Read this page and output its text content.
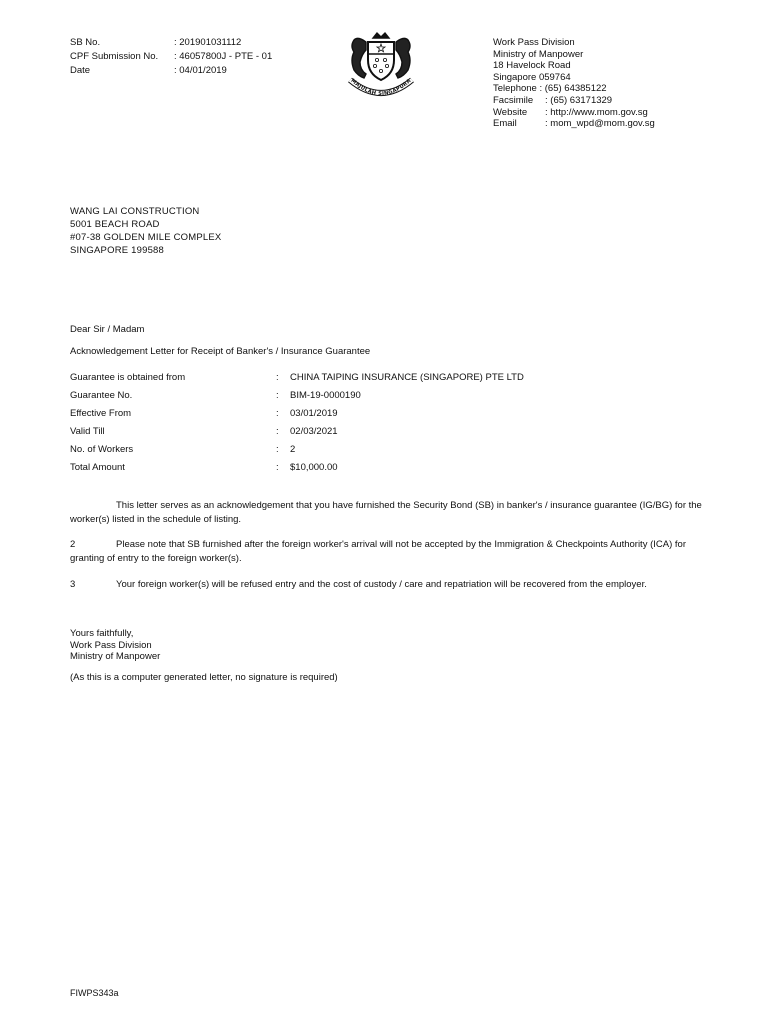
SB No.	: 201901031112
CPF Submission No.	: 46057800J - PTE - 01
Date	: 04/01/2019
MAJULAH SINGAPURA
Work Pass Division
Ministry of Manpower
18 Havelock Road
Singapore 059764
Telephone : (65) 64385122
Facsimile : (65) 63171329
Website : http://www.mom.gov.sg
Email	: mom_wpd@mom.gov.sg
WANG LAI CONSTRUCTION
5001 BEACH ROAD
#07-38 GOLDEN MILE COMPLEX
SINGAPORE 199588
Dear Sir / Madam
Acknowledgement Letter for Receipt of Banker's / Insurance Guarantee
Guarantee is obtained from	:	CHINA TAIPING INSURANCE (SINGAPORE) PTE LTD
Guarantee No.	:	BIM-19-0000190
Effective From	:	03/01/2019
Valid Till	:	02/03/2021
No. of Workers	:	2
Total Amount	:	$10,000.00
This letter serves as an acknowledgement that you have furnished the Security Bond (SB) in banker's / insurance guarantee (IG/BG) for the worker(s) listed in the schedule of listing.
2	Please note that SB furnished after the foreign worker's arrival will not be accepted by the Immigration & Checkpoints Authority (ICA) for granting of entry to the foreign worker(s).
3	Your foreign worker(s) will be refused entry and the cost of custody / care and repatriation will be recovered from the employer.
Yours faithfully,
Work Pass Division
Ministry of Manpower
(As this is a computer generated letter, no signature is required)
FIWPS343a
